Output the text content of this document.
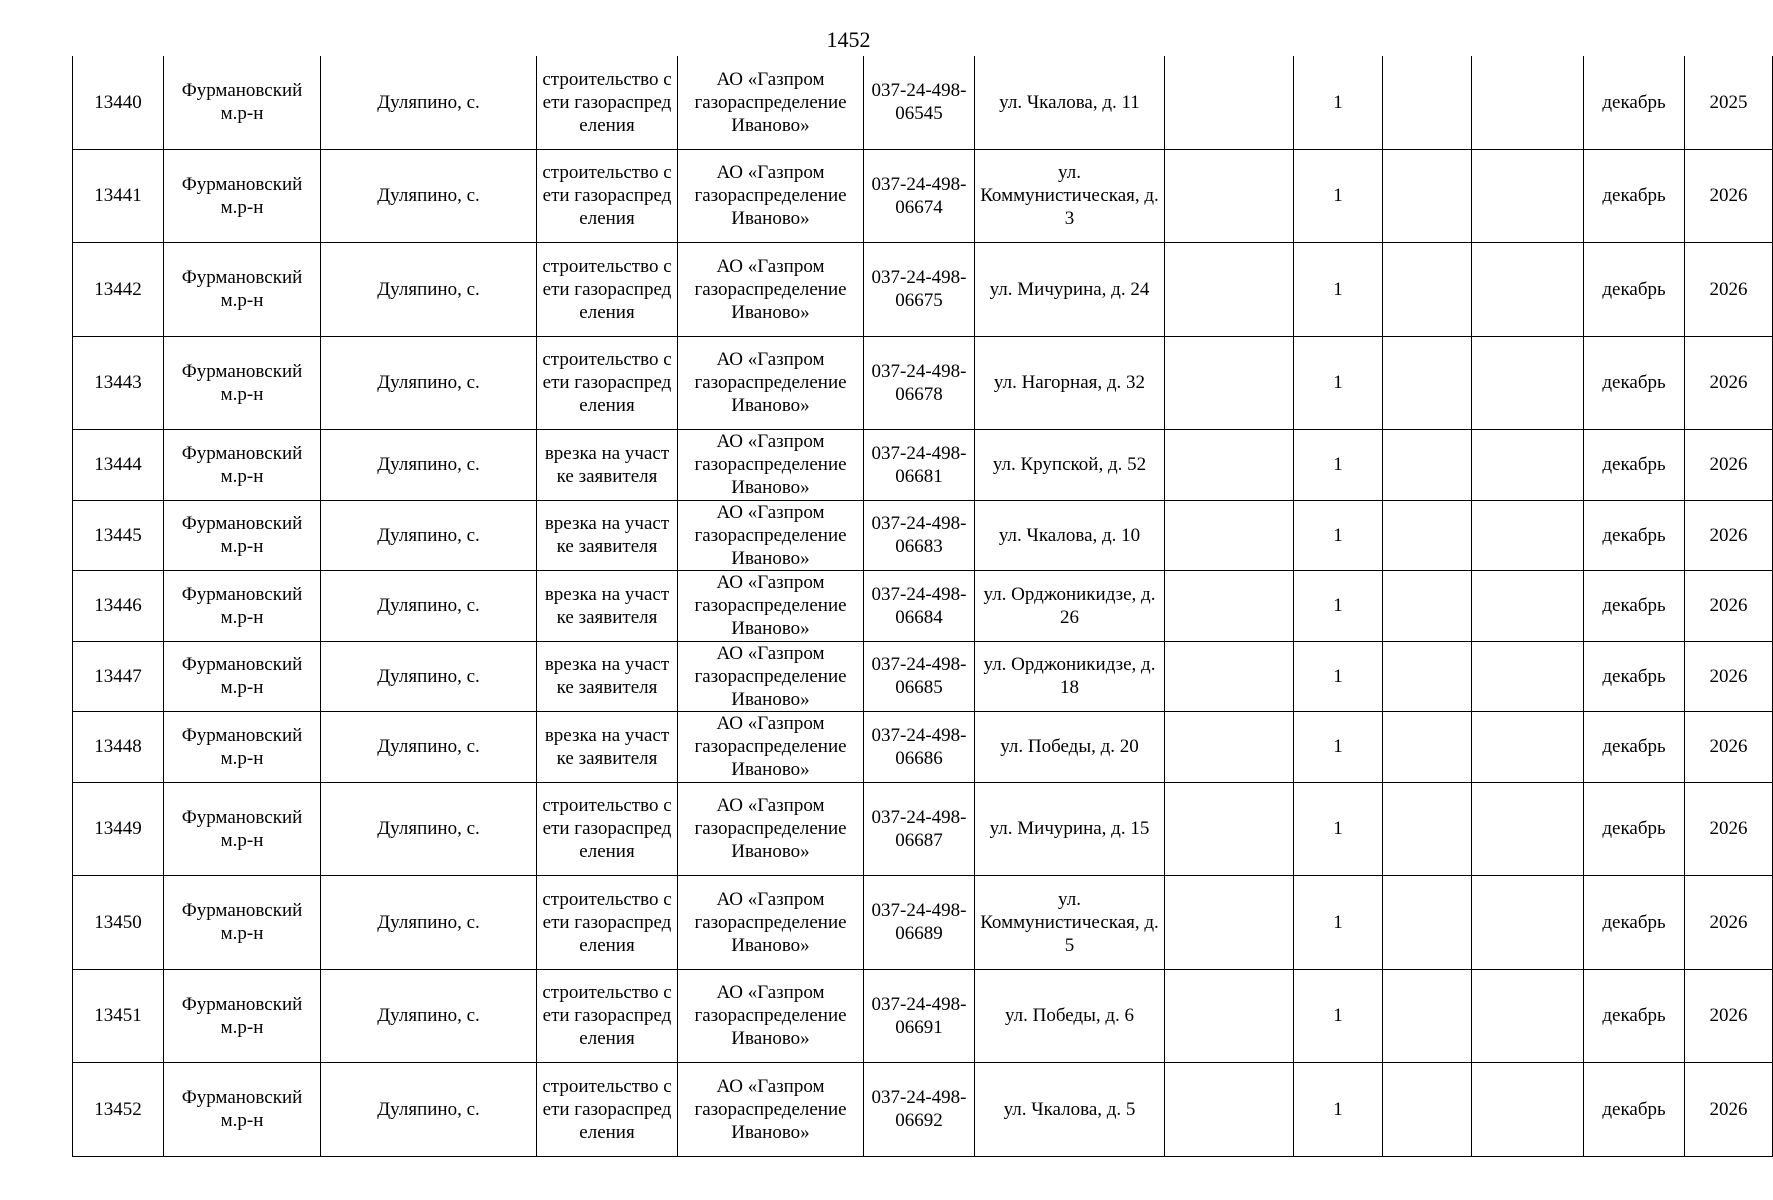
1452
13440	Фурмановский м.р-н	Дуляпино, с.	строительство сети газораспределения	АО «Газпром газораспределение Иваново»	037-24-498-06545	ул. Чкалова, д. 11		1			декабрь	2025
13441	Фурмановский м.р-н	Дуляпино, с.	строительство сети газораспределения	АО «Газпром газораспределение Иваново»	037-24-498-06674	ул. Коммунистическая, д. 3		1			декабрь	2026
13442	Фурмановский м.р-н	Дуляпино, с.	строительство сети газораспределения	АО «Газпром газораспределение Иваново»	037-24-498-06675	ул. Мичурина, д. 24		1			декабрь	2026
13443	Фурмановский м.р-н	Дуляпино, с.	строительство сети газораспределения	АО «Газпром газораспределение Иваново»	037-24-498-06678	ул. Нагорная, д. 32		1			декабрь	2026
13444	Фурмановский м.р-н	Дуляпино, с.	врезка на участке заявителя	АО «Газпром газораспределение Иваново»	037-24-498-06681	ул. Крупской, д. 52		1			декабрь	2026
13445	Фурмановский м.р-н	Дуляпино, с.	врезка на участке заявителя	АО «Газпром газораспределение Иваново»	037-24-498-06683	ул. Чкалова, д. 10		1			декабрь	2026
13446	Фурмановский м.р-н	Дуляпино, с.	врезка на участке заявителя	АО «Газпром газораспределение Иваново»	037-24-498-06684	ул. Орджоникидзе, д. 26		1			декабрь	2026
13447	Фурмановский м.р-н	Дуляпино, с.	врезка на участке заявителя	АО «Газпром газораспределение Иваново»	037-24-498-06685	ул. Орджоникидзе, д. 18		1			декабрь	2026
13448	Фурмановский м.р-н	Дуляпино, с.	врезка на участке заявителя	АО «Газпром газораспределение Иваново»	037-24-498-06686	ул. Победы, д. 20		1			декабрь	2026
13449	Фурмановский м.р-н	Дуляпино, с.	строительство сети газораспределения	АО «Газпром газораспределение Иваново»	037-24-498-06687	ул. Мичурина, д. 15		1			декабрь	2026
13450	Фурмановский м.р-н	Дуляпино, с.	строительство сети газораспределения	АО «Газпром газораспределение Иваново»	037-24-498-06689	ул. Коммунистическая, д. 5		1			декабрь	2026
13451	Фурмановский м.р-н	Дуляпино, с.	строительство сети газораспределения	АО «Газпром газораспределение Иваново»	037-24-498-06691	ул. Победы, д. 6		1			декабрь	2026
13452	Фурмановский м.р-н	Дуляпино, с.	строительство сети газораспределения	АО «Газпром газораспределение Иваново»	037-24-498-06692	ул. Чкалова, д. 5		1			декабрь	2026
